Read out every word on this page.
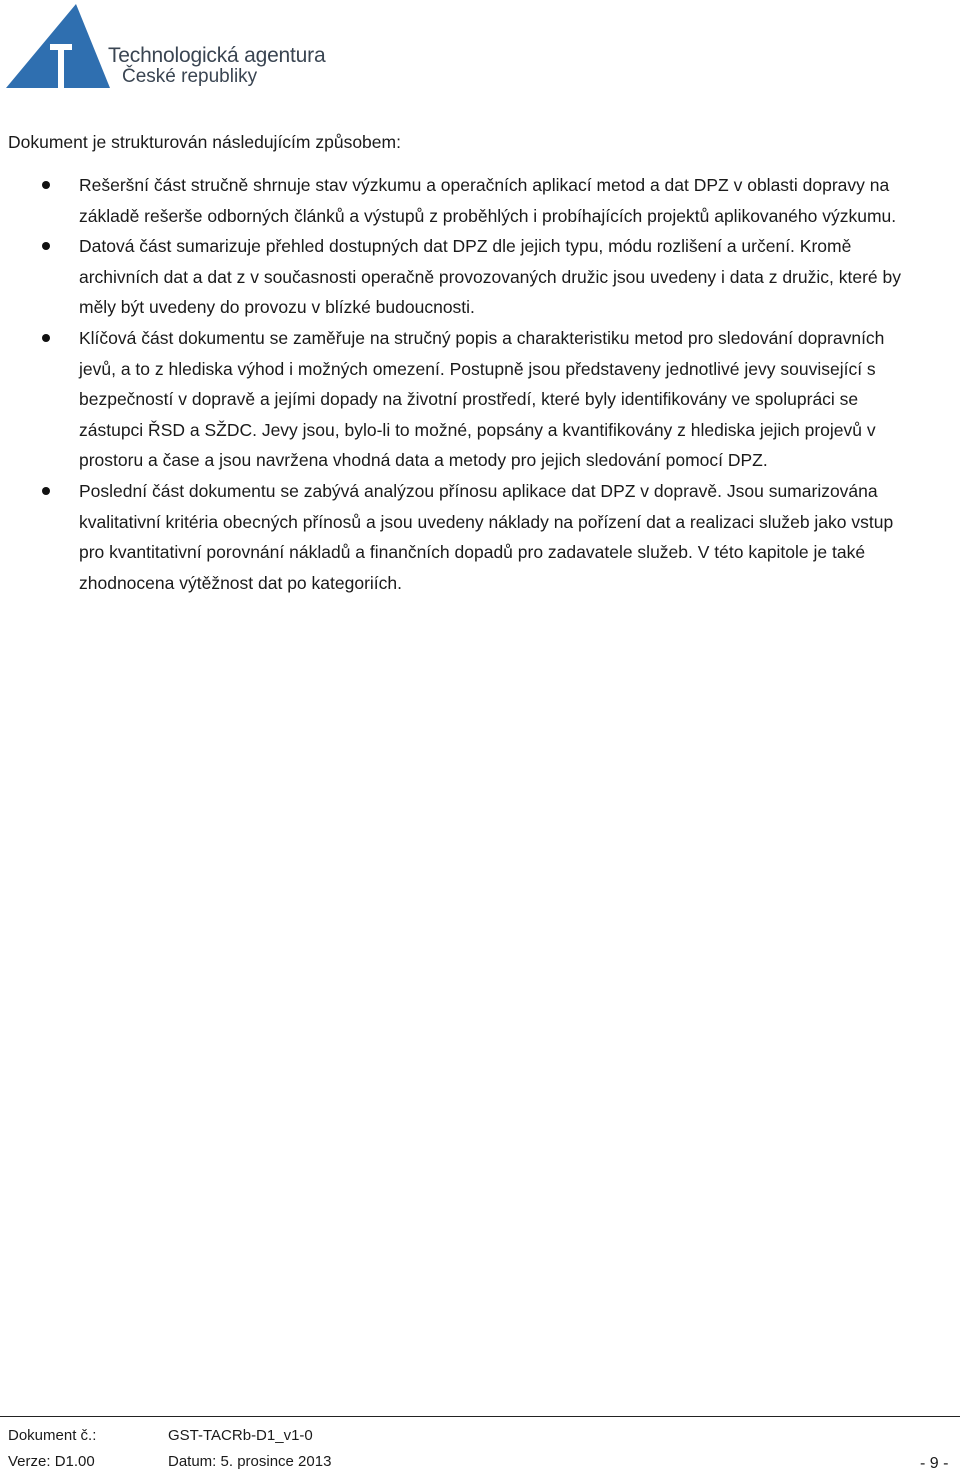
Technologická agentura
České republiky

Dokument je strukturován následujícím způsobem:

Rešeršní část stručně shrnuje stav výzkumu a operačních aplikací metod a dat DPZ v oblasti dopravy na základě rešerše odborných článků a výstupů z proběhlých i probíhajících projektů aplikovaného výzkumu.
Datová část sumarizuje přehled dostupných dat DPZ dle jejich typu, módu rozlišení a určení. Kromě archivních dat a dat z v současnosti operačně provozovaných družic jsou uvedeny i data z družic, které by měly být uvedeny do provozu v blízké budoucnosti.
Klíčová část dokumentu se zaměřuje na stručný popis a charakteristiku metod pro sledování dopravních jevů, a to z hlediska výhod i možných omezení. Postupně jsou představeny jednotlivé jevy související s bezpečností v dopravě a jejími dopady na životní prostředí, které byly identifikovány ve spolupráci se zástupci ŘSD a SŽDC. Jevy jsou, bylo-li to možné, popsány a kvantifikovány z hlediska jejich projevů v prostoru a čase a jsou navržena vhodná data a metody pro jejich sledování pomocí DPZ.
Poslední část dokumentu se zabývá analýzou přínosu aplikace dat DPZ v dopravě. Jsou sumarizována kvalitativní kritéria obecných přínosů a jsou uvedeny náklady na pořízení dat a realizaci služeb jako vstup pro kvantitativní porovnání nákladů a finančních dopadů pro zadavatele služeb. V této kapitole je také zhodnocena výtěžnost dat po kategoriích.
Dokument č.:	GST-TACRb-D1_v1-0
Verze: D1.00	Datum: 5. prosince 2013	- 9 -
